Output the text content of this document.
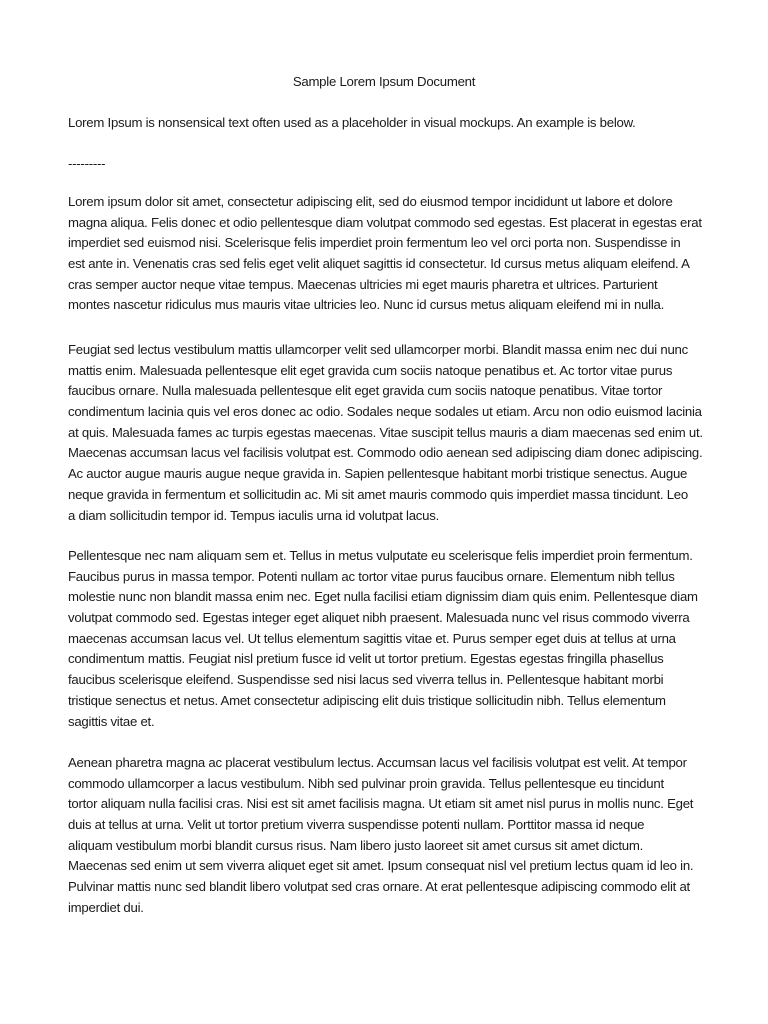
Sample Lorem Ipsum Document
Lorem Ipsum is nonsensical text often used as a placeholder in visual mockups. An example is below.
---------
Lorem ipsum dolor sit amet, consectetur adipiscing elit, sed do eiusmod tempor incididunt ut labore et dolore
magna aliqua. Felis donec et odio pellentesque diam volutpat commodo sed egestas. Est placerat in egestas erat
imperdiet sed euismod nisi. Scelerisque felis imperdiet proin fermentum leo vel orci porta non. Suspendisse in
est ante in. Venenatis cras sed felis eget velit aliquet sagittis id consectetur. Id cursus metus aliquam eleifend. A
cras semper auctor neque vitae tempus. Maecenas ultricies mi eget mauris pharetra et ultrices. Parturient
montes nascetur ridiculus mus mauris vitae ultricies leo. Nunc id cursus metus aliquam eleifend mi in nulla.
Feugiat sed lectus vestibulum mattis ullamcorper velit sed ullamcorper morbi. Blandit massa enim nec dui nunc
mattis enim. Malesuada pellentesque elit eget gravida cum sociis natoque penatibus et. Ac tortor vitae purus
faucibus ornare. Nulla malesuada pellentesque elit eget gravida cum sociis natoque penatibus. Vitae tortor
condimentum lacinia quis vel eros donec ac odio. Sodales neque sodales ut etiam. Arcu non odio euismod lacinia
at quis. Malesuada fames ac turpis egestas maecenas. Vitae suscipit tellus mauris a diam maecenas sed enim ut.
Maecenas accumsan lacus vel facilisis volutpat est. Commodo odio aenean sed adipiscing diam donec adipiscing.
Ac auctor augue mauris augue neque gravida in. Sapien pellentesque habitant morbi tristique senectus. Augue
neque gravida in fermentum et sollicitudin ac. Mi sit amet mauris commodo quis imperdiet massa tincidunt. Leo
a diam sollicitudin tempor id. Tempus iaculis urna id volutpat lacus.
Pellentesque nec nam aliquam sem et. Tellus in metus vulputate eu scelerisque felis imperdiet proin fermentum.
Faucibus purus in massa tempor. Potenti nullam ac tortor vitae purus faucibus ornare. Elementum nibh tellus
molestie nunc non blandit massa enim nec. Eget nulla facilisi etiam dignissim diam quis enim. Pellentesque diam
volutpat commodo sed. Egestas integer eget aliquet nibh praesent. Malesuada nunc vel risus commodo viverra
maecenas accumsan lacus vel. Ut tellus elementum sagittis vitae et. Purus semper eget duis at tellus at urna
condimentum mattis. Feugiat nisl pretium fusce id velit ut tortor pretium. Egestas egestas fringilla phasellus
faucibus scelerisque eleifend. Suspendisse sed nisi lacus sed viverra tellus in. Pellentesque habitant morbi
tristique senectus et netus. Amet consectetur adipiscing elit duis tristique sollicitudin nibh. Tellus elementum
sagittis vitae et.
Aenean pharetra magna ac placerat vestibulum lectus. Accumsan lacus vel facilisis volutpat est velit. At tempor
commodo ullamcorper a lacus vestibulum. Nibh sed pulvinar proin gravida. Tellus pellentesque eu tincidunt
tortor aliquam nulla facilisi cras. Nisi est sit amet facilisis magna. Ut etiam sit amet nisl purus in mollis nunc. Eget
duis at tellus at urna. Velit ut tortor pretium viverra suspendisse potenti nullam. Porttitor massa id neque
aliquam vestibulum morbi blandit cursus risus. Nam libero justo laoreet sit amet cursus sit amet dictum.
Maecenas sed enim ut sem viverra aliquet eget sit amet. Ipsum consequat nisl vel pretium lectus quam id leo in.
Pulvinar mattis nunc sed blandit libero volutpat sed cras ornare. At erat pellentesque adipiscing commodo elit at
imperdiet dui.
